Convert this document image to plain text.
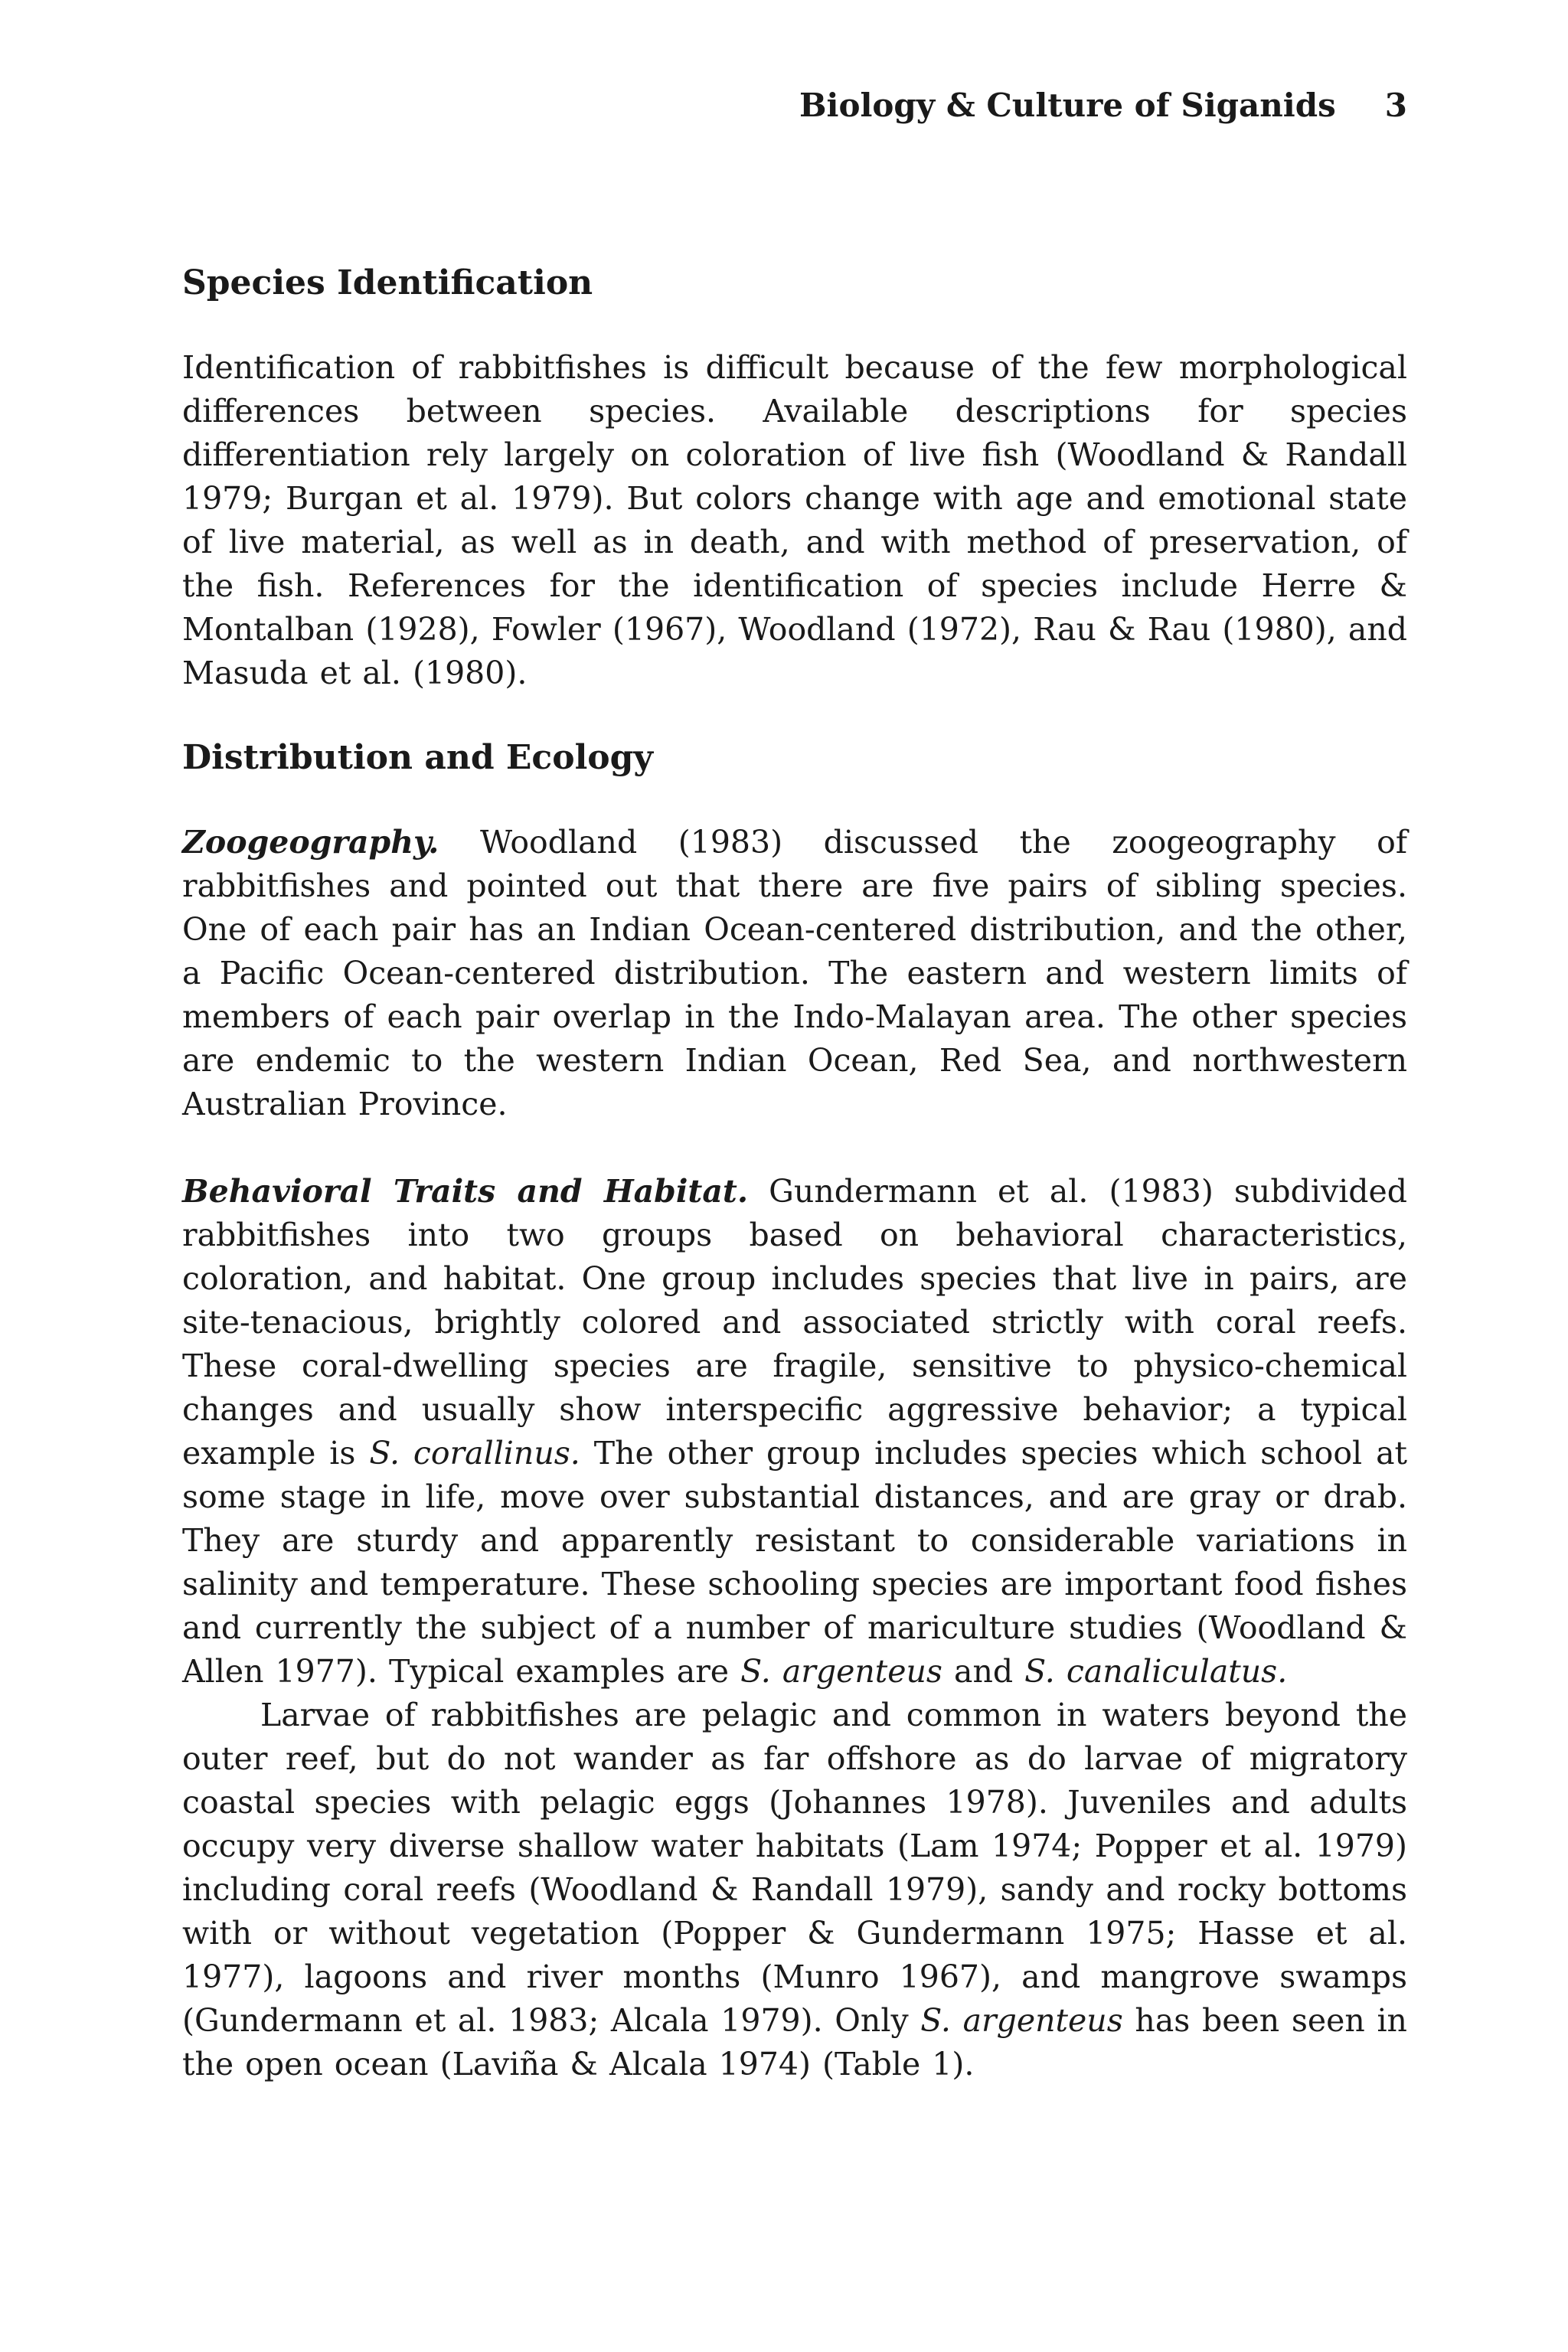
Biology & Culture of Siganids 3
Species Identification

Identification of rabbitfishes is difficult because of the few morphological differences between species. Available descriptions for species differentiation rely largely on coloration of live fish (Woodland & Randall 1979; Burgan et al. 1979). But colors change with age and emotional state of live material, as well as in death, and with method of preservation, of the fish. References for the identification of species include Herre & Montalban (1928), Fowler (1967), Woodland (1972), Rau & Rau (1980), and Masuda et al. (1980).

Distribution and Ecology

Zoogeography. Woodland (1983) discussed the zoogeography of rabbitfishes and pointed out that there are five pairs of sibling species. One of each pair has an Indian Ocean-centered distribution, and the other, a Pacific Ocean-centered distribution. The eastern and western limits of members of each pair overlap in the Indo-Malayan area. The other species are endemic to the western Indian Ocean, Red Sea, and northwestern Australian Province.

Behavioral Traits and Habitat. Gundermann et al. (1983) subdivided rabbitfishes into two groups based on behavioral characteristics, coloration, and habitat. One group includes species that live in pairs, are site-tenacious, brightly colored and associated strictly with coral reefs. These coral-dwelling species are fragile, sensitive to physico-chemical changes and usually show interspecific aggressive behavior; a typical example is S. corallinus. The other group includes species which school at some stage in life, move over substantial distances, and are gray or drab. They are sturdy and apparently resistant to considerable variations in salinity and temperature. These schooling species are important food fishes and currently the subject of a number of mariculture studies (Woodland & Allen 1977). Typical examples are S. argenteus and S. canaliculatus.

Larvae of rabbitfishes are pelagic and common in waters beyond the outer reef, but do not wander as far offshore as do larvae of migratory coastal species with pelagic eggs (Johannes 1978). Juveniles and adults occupy very diverse shallow water habitats (Lam 1974; Popper et al. 1979) including coral reefs (Woodland & Randall 1979), sandy and rocky bottoms with or without vegetation (Popper & Gundermann 1975; Hasse et al. 1977), lagoons and river months (Munro 1967), and mangrove swamps (Gundermann et al. 1983; Alcala 1979). Only S. argenteus has been seen in the open ocean (Laviña & Alcala 1974) (Table 1).
